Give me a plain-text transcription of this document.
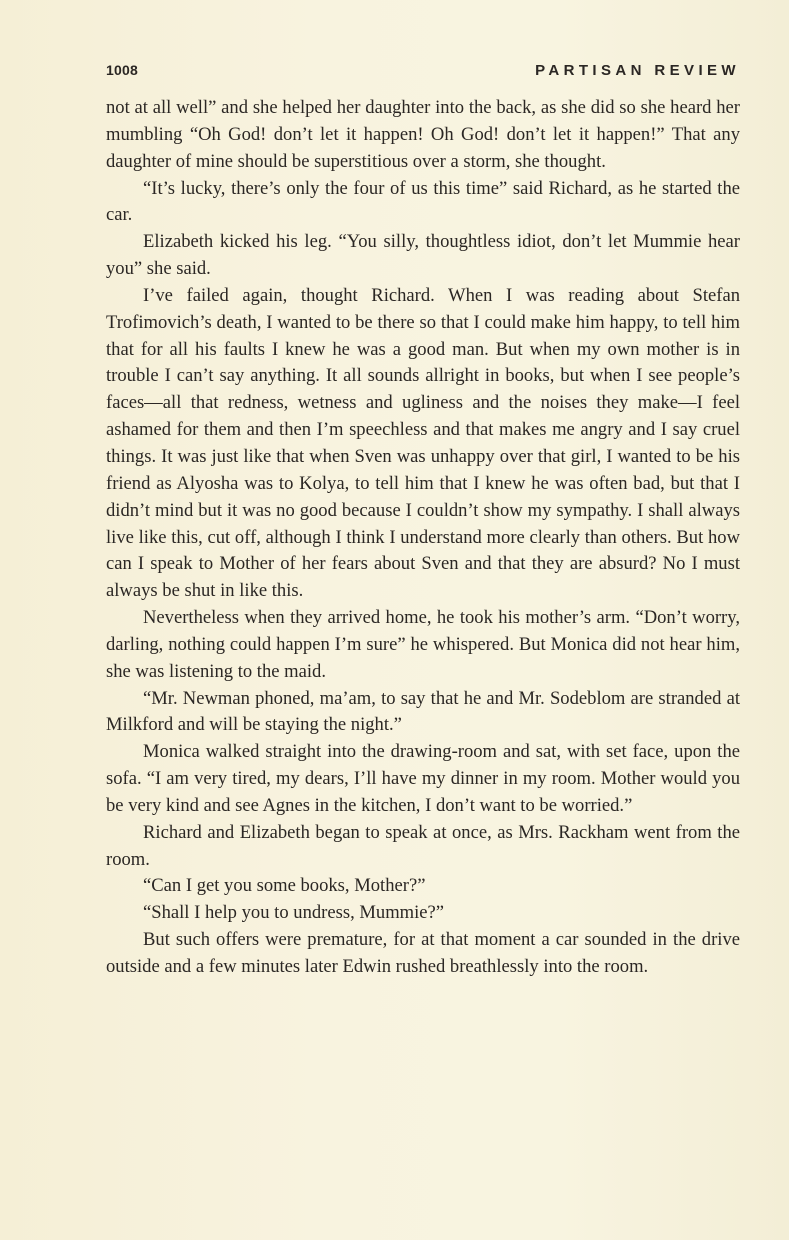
1008	PARTISAN REVIEW

not at all well” and she helped her daughter into the back, as she did so she heard her mumbling “Oh God! don’t let it happen! Oh God! don’t let it happen!” That any daughter of mine should be superstitious over a storm, she thought.

“It’s lucky, there’s only the four of us this time” said Richard, as he started the car.

Elizabeth kicked his leg. “You silly, thoughtless idiot, don’t let Mummie hear you” she said.

I’ve failed again, thought Richard. When I was reading about Stefan Trofimovich’s death, I wanted to be there so that I could make him happy, to tell him that for all his faults I knew he was a good man. But when my own mother is in trouble I can’t say anything. It all sounds allright in books, but when I see people’s faces—all that redness, wetness and ugliness and the noises they make—I feel ashamed for them and then I’m speechless and that makes me angry and I say cruel things. It was just like that when Sven was unhappy over that girl, I wanted to be his friend as Alyosha was to Kolya, to tell him that I knew he was often bad, but that I didn’t mind but it was no good because I couldn’t show my sympathy. I shall always live like this, cut off, although I think I understand more clearly than others. But how can I speak to Mother of her fears about Sven and that they are absurd? No I must always be shut in like this.

Nevertheless when they arrived home, he took his mother’s arm. “Don’t worry, darling, nothing could happen I’m sure” he whispered. But Monica did not hear him, she was listening to the maid.

“Mr. Newman phoned, ma’am, to say that he and Mr. Sodeblom are stranded at Milkford and will be staying the night.”

Monica walked straight into the drawing-room and sat, with set face, upon the sofa. “I am very tired, my dears, I’ll have my dinner in my room. Mother would you be very kind and see Agnes in the kitchen, I don’t want to be worried.”

Richard and Elizabeth began to speak at once, as Mrs. Rackham went from the room.

“Can I get you some books, Mother?”

“Shall I help you to undress, Mummie?”

But such offers were premature, for at that moment a car sounded in the drive outside and a few minutes later Edwin rushed breathlessly into the room.
